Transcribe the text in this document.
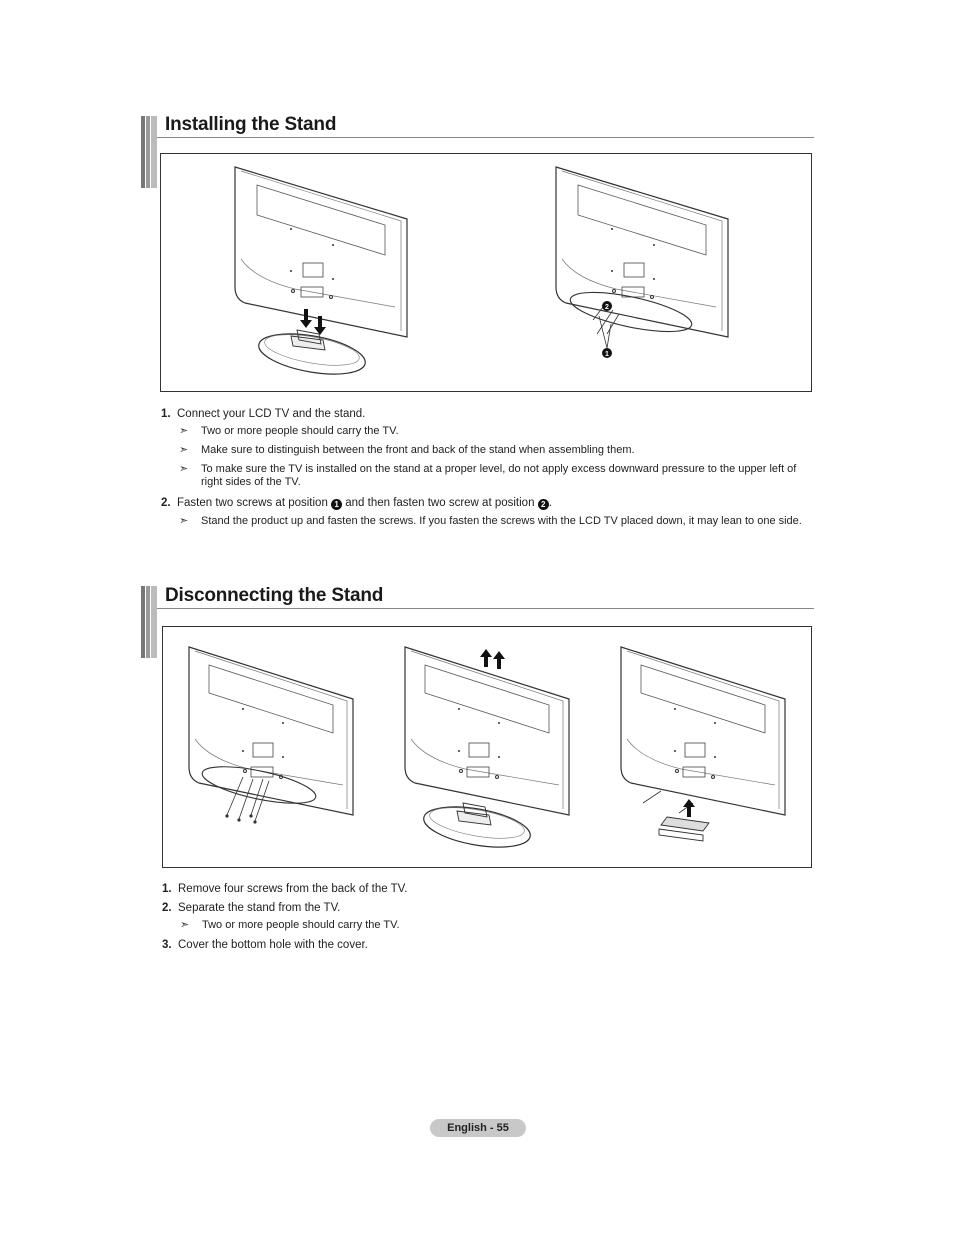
Installing the Stand
2
1

1. Connect your LCD TV and the stand.

➣ Two or more people should carry the TV.

➣ Make sure to distinguish between the front and back of the stand when assembling them.

➣ To make sure the TV is installed on the stand at a proper level, do not apply excess downward pressure to the upper left of right sides of the TV.

2. Fasten two screws at position 1 and then fasten two screw at position 2 .

➣ Stand the product up and fasten the screws. If you fasten the screws with the LCD TV placed down, it may lean to one side.

Disconnecting the Stand

1. Remove four screws from the back of the TV.

2. Separate the stand from the TV.

➣ Two or more people should carry the TV.

3. Cover the bottom hole with the cover.

English - 55
